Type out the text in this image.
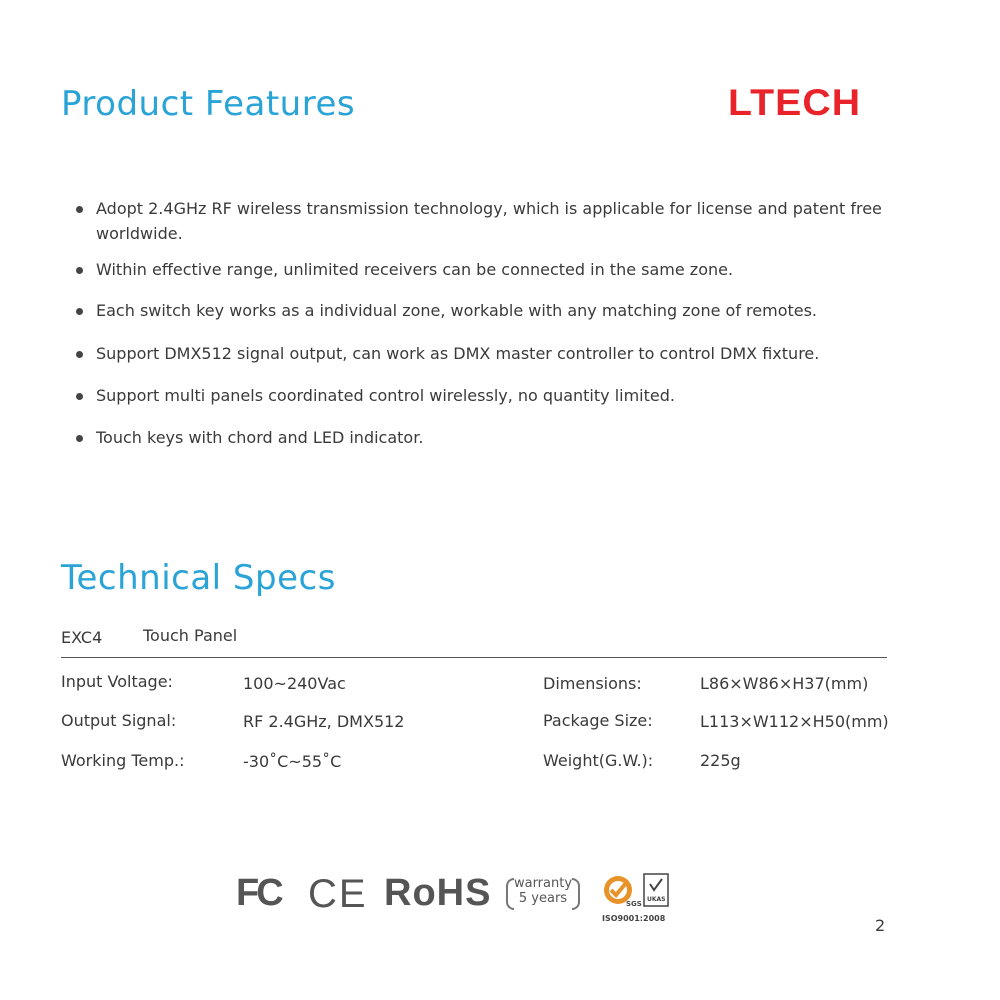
Product Features	LTECH
Adopt 2.4GHz RF wireless transmission technology, which is applicable for license and patent free worldwide.
Within effective range, unlimited receivers can be connected in the same zone.
Each switch key works as a individual zone, workable with any matching zone of remotes.
Support DMX512 signal output, can work as DMX master controller to control DMX fixture.
Support multi panels coordinated control wirelessly, no quantity limited.
Touch keys with chord and LED indicator.
Technical Specs
EXC4	Touch Panel
Input Voltage:	100~240Vac
Output Signal:	RF 2.4GHz, DMX512
Working Temp.:	-30˚C~55˚C
Dimensions:	L86×W86×H37(mm)
Package Size:	L113×W112×H50(mm)
Weight(G.W.):	225g
FC CE RoHS	warranty
5 years	SGS
UKAS
ISO9001:2008	2
